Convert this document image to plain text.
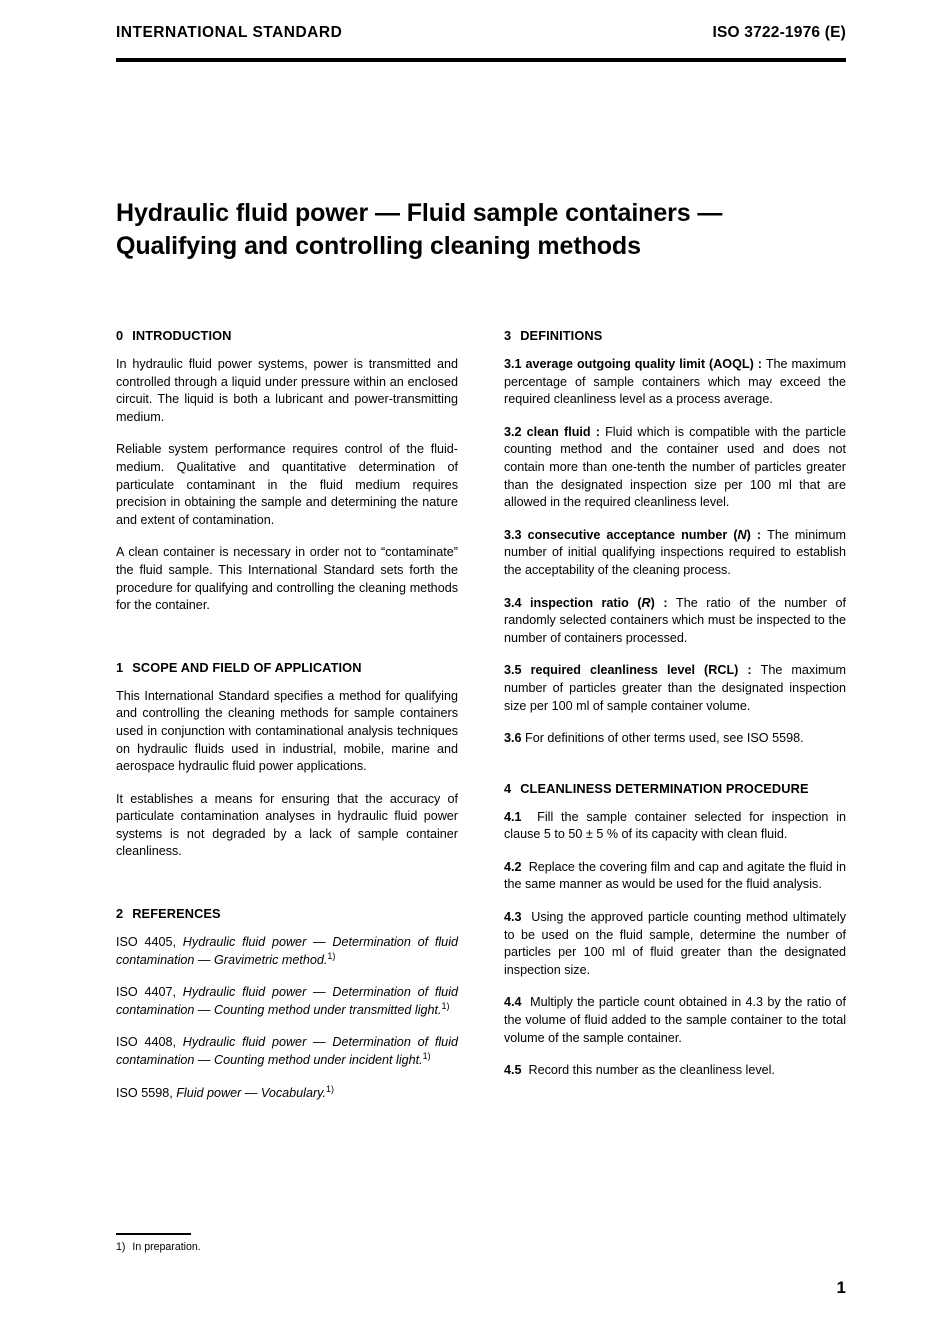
INTERNATIONAL STANDARD	ISO 3722-1976 (E)
Hydraulic fluid power — Fluid sample containers —
Qualifying and controlling cleaning methods
0 INTRODUCTION

In hydraulic fluid power systems, power is transmitted and controlled through a liquid under pressure within an enclosed circuit. The liquid is both a lubricant and power-transmitting medium.

Reliable system performance requires control of the fluid-medium. Qualitative and quantitative determination of particulate contaminant in the fluid medium requires precision in obtaining the sample and determining the nature and extent of contamination.

A clean container is necessary in order not to “contaminate” the fluid sample. This International Standard sets forth the procedure for qualifying and controlling the cleaning methods for the container.

1 SCOPE AND FIELD OF APPLICATION

This International Standard specifies a method for qualifying and controlling the cleaning methods for sample containers used in conjunction with contaminational analysis techniques on hydraulic fluids used in industrial, mobile, marine and aerospace hydraulic fluid power applications.

It establishes a means for ensuring that the accuracy of particulate contamination analyses in hydraulic fluid power systems is not degraded by a lack of sample container cleanliness.

2 REFERENCES

ISO 4405, Hydraulic fluid power — Determination of fluid contamination — Gravimetric method.$^{1)}$

ISO 4407, Hydraulic fluid power — Determination of fluid contamination — Counting method under transmitted light.$^{1)}$

ISO 4408, Hydraulic fluid power — Determination of fluid contamination — Counting method under incident light.$^{1)}$

ISO 5598, Fluid power — Vocabulary.$^{1)}$

3 DEFINITIONS

3.1 average outgoing quality limit (AOQL) : The maximum percentage of sample containers which may exceed the required cleanliness level as a process average.

3.2 clean fluid : Fluid which is compatible with the particle counting method and the container used and does not contain more than one-tenth the number of particles greater than the designated inspection size per 100 ml that are allowed in the required cleanliness level.

3.3 consecutive acceptance number (N) : The minimum number of initial qualifying inspections required to establish the acceptability of the cleaning process.

3.4 inspection ratio (R) : The ratio of the number of randomly selected containers which must be inspected to the number of containers processed.

3.5 required cleanliness level (RCL) : The maximum number of particles greater than the designated inspection size per 100 ml of sample container volume.

3.6 For definitions of other terms used, see ISO 5598.

4 CLEANLINESS DETERMINATION PROCEDURE

4.1 Fill the sample container selected for inspection in clause 5 to 50 ± 5 % of its capacity with clean fluid.

4.2 Replace the covering film and cap and agitate the fluid in the same manner as would be used for the fluid analysis.

4.3 Using the approved particle counting method ultimately to be used on the fluid sample, determine the number of particles per 100 ml of fluid greater than the designated inspection size.

4.4 Multiply the particle count obtained in 4.3 by the ratio of the volume of fluid added to the sample container to the total volume of the sample container.

4.5 Record this number as the cleanliness level.

1) In preparation.
1
